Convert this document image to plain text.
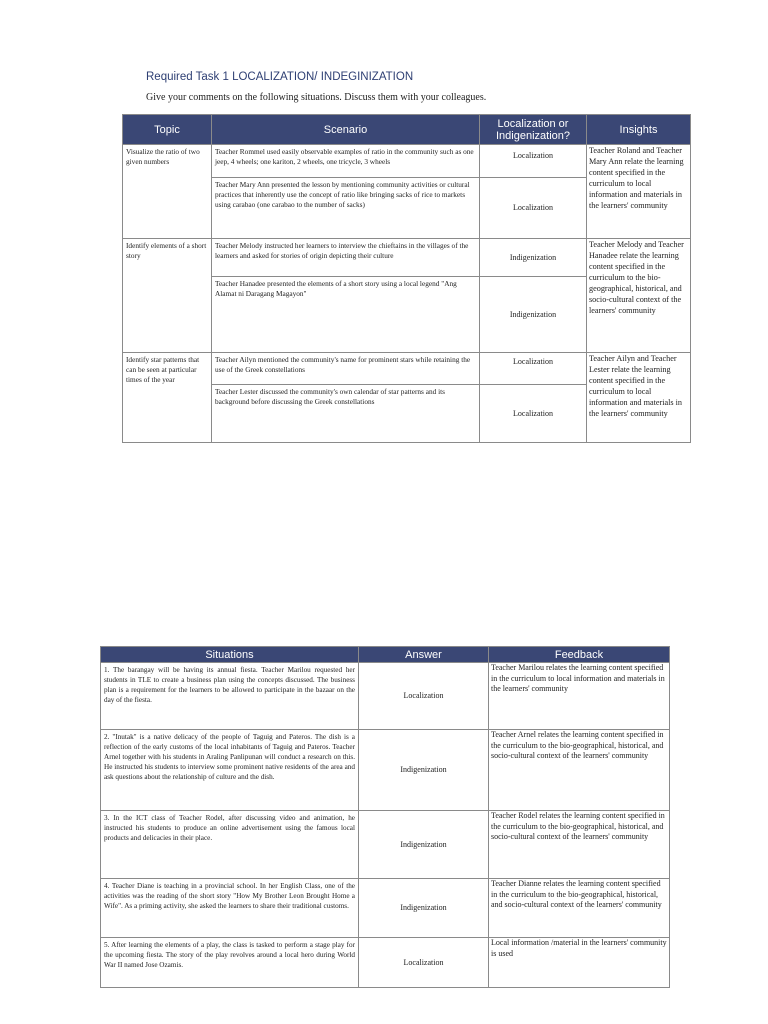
Required Task 1 LOCALIZATION/ INDEGINIZATION
Give your comments on the following situations. Discuss them with your colleagues.
Topic	Scenario	Localization or Indigenization?	Insights
Visualize the ratio of two given numbers	Teacher Rommel used easily observable examples of ratio in the community such as one jeep, 4 wheels; one kariton, 2 wheels, one tricycle, 3 wheels	Localization	Teacher Roland and Teacher Mary Ann relate the learning content specified in the curriculum to local information and materials in the learners' community
	Teacher Mary Ann presented the lesson by mentioning community activities or cultural practices that inherently use the concept of ratio like bringing sacks of rice to markets using carabao (one carabao to the number of sacks)	Localization	
Identify elements of a short story	Teacher Melody instructed her learners to interview the chieftains in the villages of the learners and asked for stories of origin depicting their culture	Indigenization	Teacher Melody and Teacher Hanadee relate the learning content specified in the curriculum to the bio-geographical, historical, and socio-cultural context of the learners' community
	Teacher Hanadee presented the elements of a short story using a local legend "Ang Alamat ni Daragang Magayon"	Indigenization	
Identify star patterns that can be seen at particular times of the year	Teacher Ailyn mentioned the community's name for prominent stars while retaining the use of the Greek constellations	Localization	Teacher Ailyn and Teacher Lester relate the learning content specified in the curriculum to local information and materials in the learners' community
	Teacher Lester discussed the community's own calendar of star patterns and its background before discussing the Greek constellations	Localization	
Situations	Answer	Feedback
1. The barangay will be having its annual fiesta. Teacher Marilou requested her students in TLE to create a business plan using the concepts discussed. The business plan is a requirement for the learners to be allowed to participate in the bazaar on the day of the fiesta.	Localization	Teacher Marilou relates the learning content specified in the curriculum to local information and materials in the learners' community
2. "Inutak" is a native delicacy of the people of Taguig and Pateros. The dish is a reflection of the early customs of the local inhabitants of Taguig and Pateros. Teacher Arnel together with his students in Araling Panlipunan will conduct a research on this. He instructed his students to interview some prominent native residents of the area and ask questions about the relationship of culture and the dish.	Indigenization	Teacher Arnel relates the learning content specified in the curriculum to the bio-geographical, historical, and socio-cultural context of the learners' community
3. In the ICT class of Teacher Rodel, after discussing video and animation, he instructed his students to produce an online advertisement using the famous local products and delicacies in their place.	Indigenization	Teacher Rodel relates the learning content specified in the curriculum to the bio-geographical, historical, and socio-cultural context of the learners' community
4. Teacher Diane is teaching in a provincial school. In her English Class, one of the activities was the reading of the short story "How My Brother Leon Brought Home a Wife". As a priming activity, she asked the learners to share their traditional customs.	Indigenization	Teacher Dianne relates the learning content specified in the curriculum to the bio-geographical, historical, and socio-cultural context of the learners' community
5. After learning the elements of a play, the class is tasked to perform a stage play for the upcoming fiesta. The story of the play revolves around a local hero during World War II named Jose Ozamis.	Localization	Local information /material in the learners' community is used
